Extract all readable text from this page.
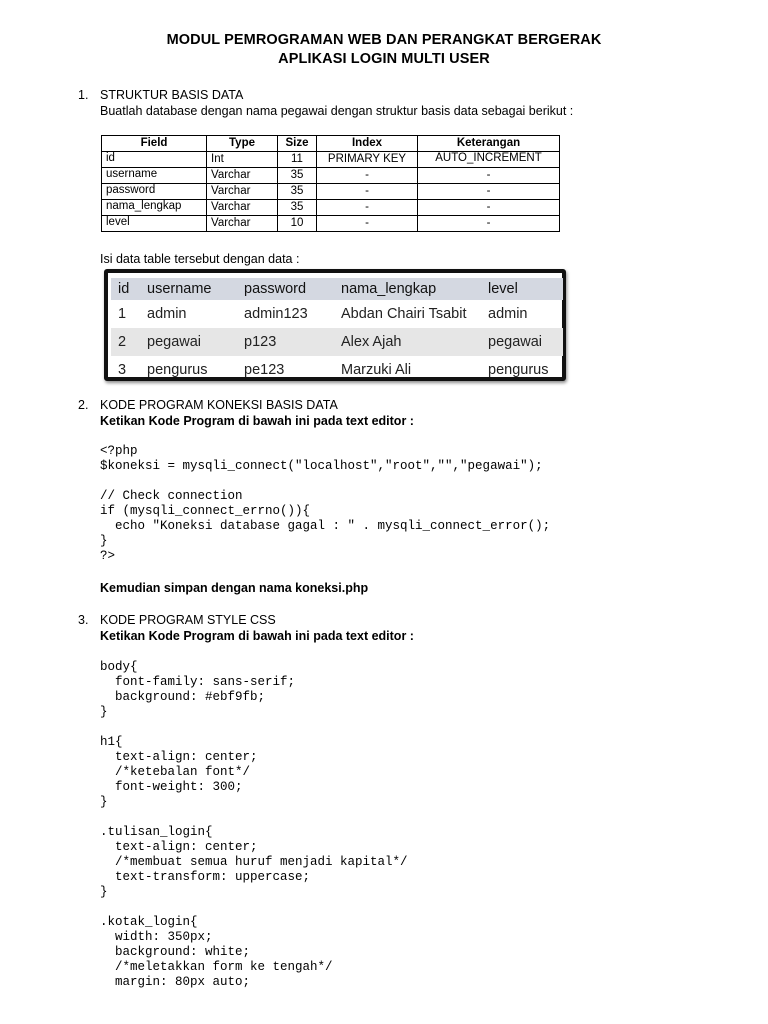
MODUL PEMROGRAMAN WEB DAN PERANGKAT BERGERAK
APLIKASI LOGIN MULTI USER
1. STRUKTUR BASIS DATA
Buatlah database dengan nama pegawai dengan struktur basis data sebagai berikut :
Field	Type	Size	Index	Keterangan
id	Int	11	PRIMARY KEY	AUTO_INCREMENT
username	Varchar	35	-	-
password	Varchar	35	-	-
nama_lengkap	Varchar	35	-	-
level	Varchar	10	-	-
Isi data table tersebut dengan data :
id	username	password	nama_lengkap	level
1	admin	admin123	Abdan Chairi Tsabit	admin
2	pegawai	p123	Alex Ajah	pegawai
3	pengurus	pe123	Marzuki Ali	pengurus
2. KODE PROGRAM KONEKSI BASIS DATA
Ketikan Kode Program di bawah ini pada text editor :
<?php
$koneksi = mysqli_connect("localhost","root","","pegawai");

// Check connection
if (mysqli_connect_errno()){
echo "Koneksi database gagal : " . mysqli_connect_error();
}
?>
Kemudian simpan dengan nama koneksi.php
3. KODE PROGRAM STYLE CSS
Ketikan Kode Program di bawah ini pada text editor :
body{
font-family: sans-serif;
background: #ebf9fb;
}

h1{
text-align: center;
/*ketebalan font*/
font-weight: 300;
}

.tulisan_login{
text-align: center;
/*membuat semua huruf menjadi kapital*/
text-transform: uppercase;
}

.kotak_login{
width: 350px;
background: white;
/*meletakkan form ke tengah*/
margin: 80px auto;
